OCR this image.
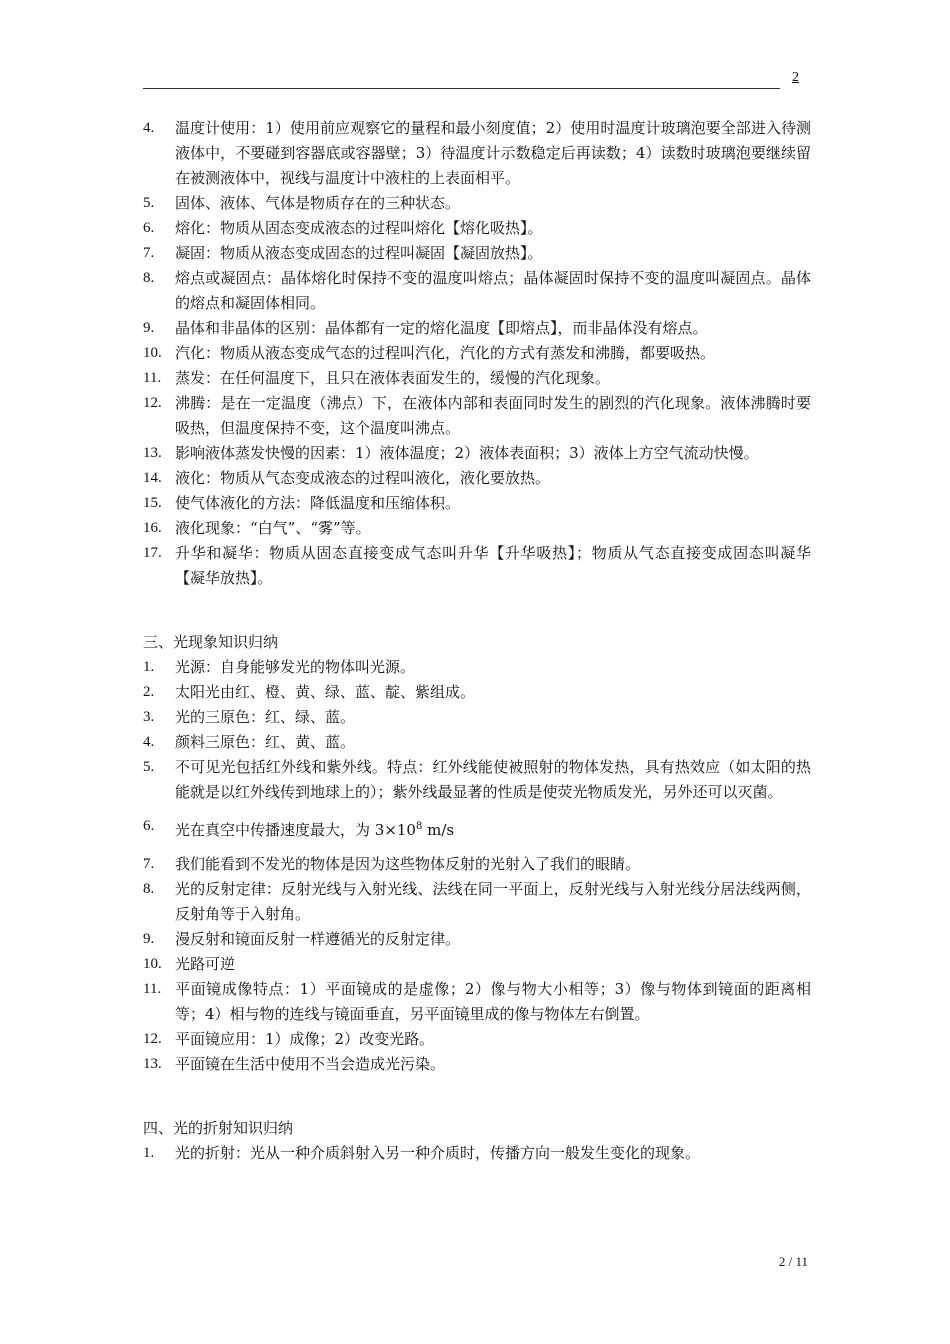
2
4. 温度计使用：1）使用前应观察它的量程和最小刻度值；2）使用时温度计玻璃泡要全部进入待测液体中，不要碰到容器底或容器壁；3）待温度计示数稳定后再读数；4）读数时玻璃泡要继续留在被测液体中，视线与温度计中液柱的上表面相平。
5. 固体、液体、气体是物质存在的三种状态。
6. 熔化：物质从固态变成液态的过程叫熔化【熔化吸热】。
7. 凝固：物质从液态变成固态的过程叫凝固【凝固放热】。
8. 熔点或凝固点：晶体熔化时保持不变的温度叫熔点；晶体凝固时保持不变的温度叫凝固点。晶体的熔点和凝固体相同。
9. 晶体和非晶体的区别：晶体都有一定的熔化温度【即熔点】，而非晶体没有熔点。
10. 汽化：物质从液态变成气态的过程叫汽化，汽化的方式有蒸发和沸腾，都要吸热。
11. 蒸发：在任何温度下，且只在液体表面发生的，缓慢的汽化现象。
12. 沸腾：是在一定温度（沸点）下，在液体内部和表面同时发生的剧烈的汽化现象。液体沸腾时要吸热，但温度保持不变，这个温度叫沸点。
13. 影响液体蒸发快慢的因素：1）液体温度；2）液体表面积；3）液体上方空气流动快慢。
14. 液化：物质从气态变成液态的过程叫液化，液化要放热。
15. 使气体液化的方法：降低温度和压缩体积。
16. 液化现象：“白气”、“雾”等。
17. 升华和凝华：物质从固态直接变成气态叫升华【升华吸热】；物质从气态直接变成固态叫凝华【凝华放热】。
三、光现象知识归纳
1. 光源：自身能够发光的物体叫光源。
2. 太阳光由红、橙、黄、绿、蓝、靛、紫组成。
3. 光的三原色：红、绿、蓝。
4. 颜料三原色：红、黄、蓝。
5. 不可见光包括红外线和紫外线。特点：红外线能使被照射的物体发热，具有热效应（如太阳的热能就是以红外线传到地球上的）；紫外线最显著的性质是使荧光物质发光，另外还可以灭菌。
6. 光在真空中传播速度最大，为 $3\times 10^8$ m/s
7. 我们能看到不发光的物体是因为这些物体反射的光射入了我们的眼睛。
8. 光的反射定律：反射光线与入射光线、法线在同一平面上，反射光线与入射光线分居法线两侧，反射角等于入射角。
9. 漫反射和镜面反射一样遵循光的反射定律。
10. 光路可逆
11. 平面镜成像特点：1）平面镜成的是虚像；2）像与物大小相等；3）像与物体到镜面的距离相等；4）相与物的连线与镜面垂直，另平面镜里成的像与物体左右倒置。
12. 平面镜应用：1）成像；2）改变光路。
13. 平面镜在生活中使用不当会造成光污染。
四、光的折射知识归纳
1. 光的折射：光从一种介质斜射入另一种介质时，传播方向一般发生变化的现象。
2 / 11
